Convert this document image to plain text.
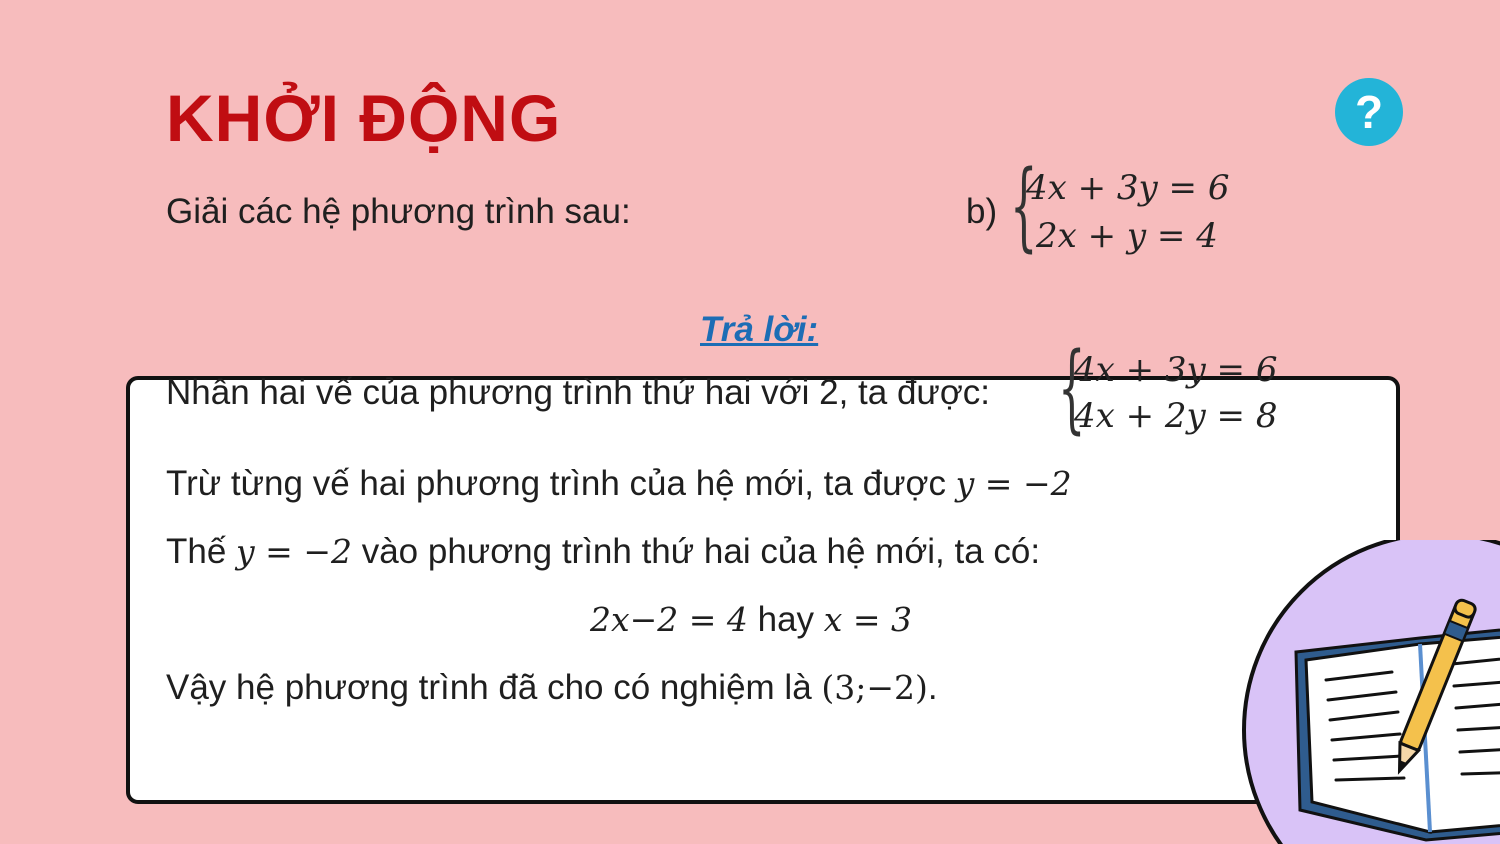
KHỞI ĐỘNG	?
Giải các hệ phương trình sau:	b) {
4x + 3y = 6
2x + y = 4
Trả lời:
Nhân hai vế của phương trình thứ hai với 2, ta được: {
4x + 3y = 6
4x + 2y = 8
Trừ từng vế hai phương trình của hệ mới, ta được y = −2
Thế y = −2 vào phương trình thứ hai của hệ mới, ta có:
2x−2 = 4 hay x = 3
Vậy hệ phương trình đã cho có nghiệm là (3;−2).
